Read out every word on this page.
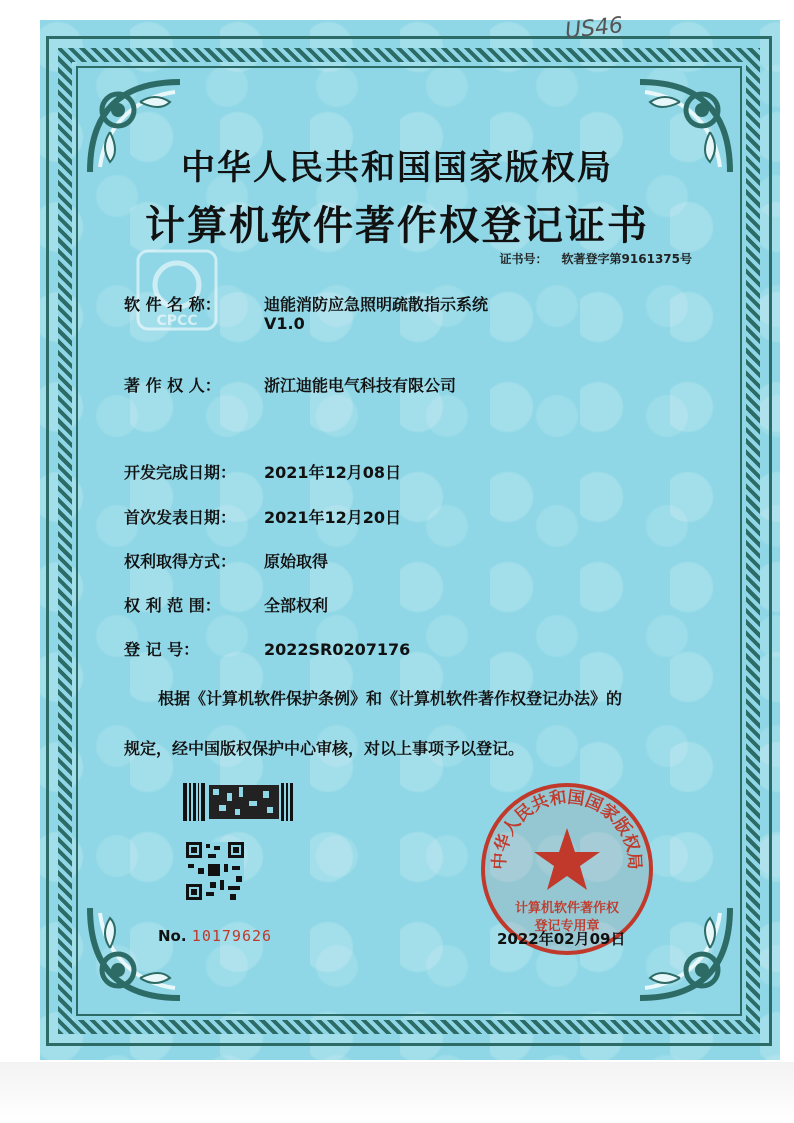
US46
中华人民共和国国家版权局
计算机软件著作权登记证书
证书号： 软著登字第9161375号
CPCC
软 件 名 称：	迪能消防应急照明疏散指示系统
V1.0
著 作 权 人：	浙江迪能电气科技有限公司
开发完成日期： 2021年12月08日
首次发表日期： 2021年12月20日
权利取得方式： 原始取得
权 利 范 围：	全部权利
登 记 号：	2022SR0207176
根据《计算机软件保护条例》和《计算机软件著作权登记办法》的
规定，经中国版权保护中心审核，对以上事项予以登记。
No. 10179626
中华人民共和国国家版权局
计算机软件著作权
登记专用章
2022年02月09日
